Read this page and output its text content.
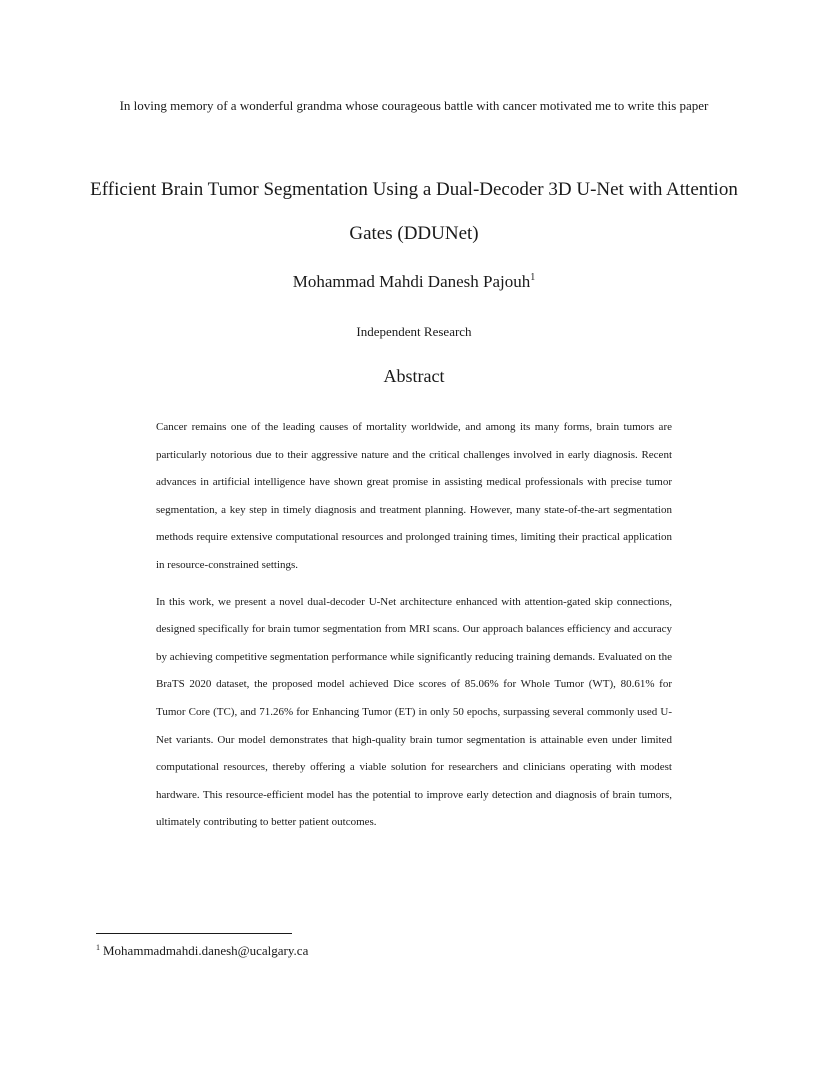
In loving memory of a wonderful grandma whose courageous battle with cancer motivated me to write this paper
Efficient Brain Tumor Segmentation Using a Dual-Decoder 3D U-Net with Attention Gates (DDUNet)
Mohammad Mahdi Danesh Pajouh$^1$
Independent Research
Abstract

Cancer remains one of the leading causes of mortality worldwide, and among its many forms, brain tumors are particularly notorious due to their aggressive nature and the critical challenges involved in early diagnosis. Recent advances in artificial intelligence have shown great promise in assisting medical professionals with precise tumor segmentation, a key step in timely diagnosis and treatment planning. However, many state-of-the-art segmentation methods require extensive computational resources and prolonged training times, limiting their practical application in resource-constrained settings.

In this work, we present a novel dual-decoder U-Net architecture enhanced with attention-gated skip connections, designed specifically for brain tumor segmentation from MRI scans. Our approach balances efficiency and accuracy by achieving competitive segmentation performance while significantly reducing training demands. Evaluated on the BraTS 2020 dataset, the proposed model achieved Dice scores of 85.06% for Whole Tumor (WT), 80.61% for Tumor Core (TC), and 71.26% for Enhancing Tumor (ET) in only 50 epochs, surpassing several commonly used U-Net variants. Our model demonstrates that high-quality brain tumor segmentation is attainable even under limited computational resources, thereby offering a viable solution for researchers and clinicians operating with modest hardware. This resource-efficient model has the potential to improve early detection and diagnosis of brain tumors, ultimately contributing to better patient outcomes.

$^1$ Mohammadmahdi.danesh@ucalgary.ca
